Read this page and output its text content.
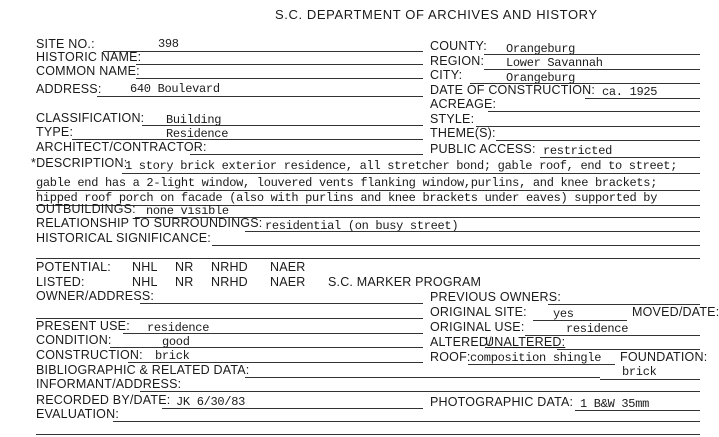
S.C. DEPARTMENT OF ARCHIVES AND HISTORY
SITE NO.:	398
HISTORIC NAME:
COMMON NAME:
ADDRESS: 640 Boulevard
COUNTY: Orangeburg
REGION: Lower Savannah
CITY:	Orangeburg
DATE OF CONSTRUCTION: ca. 1925
ACREAGE:
CLASSIFICATION: Building
TYPE:	Residence
ARCHITECT/CONTRACTOR:
STYLE:
THEME(S):
PUBLIC ACCESS: restricted
*DESCRIPTION:
1 story brick exterior residence, all stretcher bond; gable roof, end to street;
gable end has a 2-light window, louvered vents flanking window,purlins, and knee brackets;
hipped roof porch on facade (also with purlins and knee brackets under eaves) supported by
OUTBUILDINGS: none visible
RELATIONSHIP TO SURROUNDINGS: residential (on busy street)
HISTORICAL SIGNIFICANCE:
POTENTIAL: NHL NR NRHD NAER
LISTED:	NHL NR NRHD NAER S.C. MARKER PROGRAM
OWNER/ADDRESS:	PREVIOUS OWNERS:
ORIGINAL SITE: yes	MOVED/DATE:
PRESENT USE: residence	ORIGINAL USE:	residence
CONDITION:	good	ALTERED/
UNALTERED:
CONSTRUCTION: brick	ROOF: composition shingle FOUNDATION:
brick
BIBLIOGRAPHIC & RELATED DATA:
INFORMANT/ADDRESS:
RECORDED BY/DATE: JK 6/30/83	PHOTOGRAPHIC DATA: 1 B&W 35mm
EVALUATION:
